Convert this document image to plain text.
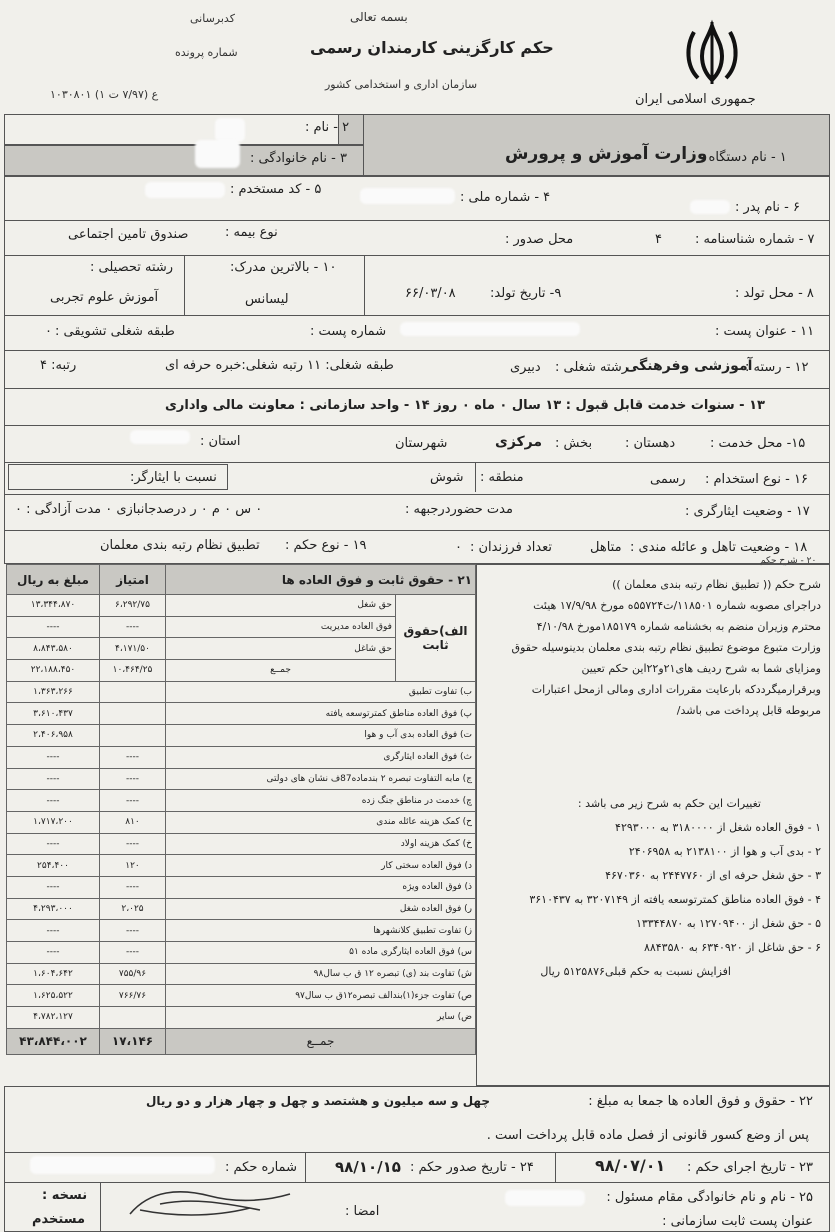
بسمه تعالی
حکم کارگزینی کارمندان رسمی
سازمان اداری و استخدامی کشور
جمهوری اسلامی ایران
کدبرسانی
شماره پرونده
ع (۷/۹۷ ت ۱) ۱۰۳۰۸۰۱
۱ - نام دستگاه :
وزارت آموزش و پرورش
۲ - نام :
۳ - نام خانوادگی :
۴ - شماره ملی :
۵ - کد مستخدم :
۶ - نام پدر :
۷ - شماره شناسنامه :
۴
محل صدور :
نوع بیمه :
صندوق تامین اجتماعی
۸ - محل تولد :
۹- تاریخ تولد:
۶۶/۰۳/۰۸
۱۰ - بالاترین مدرک:
لیسانس
رشته تحصیلی :
آموزش علوم تجربی
۱۱ - عنوان پست :
شماره پست :
طبقه شغلی تشویقی :
۰
۱۲ - رسته :
آموزشی وفرهنگی
رشته شغلی :
دبیری
طبقه شغلی: ۱۱ رتبه شغلی:خبره حرفه ای
رتبه: ۴
۱۳ - سنوات خدمت قابل قبول : ۱۳ سال ۰ ماه ۰ روز ۱۴ - واحد سازمانی : معاونت مالی واداری
۱۵- محل خدمت :
دهستان :
بخش :
مرکزی
شهرستان
استان :
۱۶ - نوع استخدام :
رسمی
منطقه :
شوش
نسبت با ایثارگر:
۱۷ - وضعیت ایثارگری :
مدت حضوردرجبهه :
۰ س ۰ م ۰ ر درصدجانبازی ۰ مدت آزادگی : ۰
۱۸ - وضعیت تاهل و عائله مندی :
متاهل
تعداد فرزندان :
۰
۱۹ - نوع حکم :
تطبیق نظام رتبه بندی معلمان
۲۰ - شرح حکم
مبلغ به ریال	امتیاز	۲۱ - حقوق ثابت و فوق العاده ها	
۱۳،۳۴۴،۸۷۰	۶،۲۹۲/۷۵	حق شغل	الف)حقوق ثابت
----	----	فوق العاده مدیریت	
۸،۸۴۳،۵۸۰	۴،۱۷۱/۵۰	حق شاغل	
۲۲،۱۸۸،۴۵۰	۱۰،۴۶۴/۲۵	جمــع	
۱،۳۶۳،۲۶۶		ب) تفاوت تطبیق	
۳،۶۱۰،۴۳۷		پ) فوق العاده مناطق کمترتوسعه یافته	
۲،۴۰۶،۹۵۸		ت) فوق العاده بدی آب و هوا	
----	----	ث) فوق العاده ایثارگری	
----	----	ج) مابه التفاوت تبصره ۲ بندماده87ف نشان های دولتی	
----	----	چ) خدمت در مناطق جنگ زده	
۱،۷۱۷،۲۰۰	۸۱۰	ح) کمک هزینه عائله مندی	
----	----	خ) کمک هزینه اولاد	
۲۵۴،۴۰۰	۱۲۰	د) فوق العاده سختی کار	
----	----	ذ) فوق العاده ویژه	
۴،۲۹۳،۰۰۰	۲،۰۲۵	ر) فوق العاده شغل	
----	----	ز) تفاوت تطبیق کلانشهرها	
----	----	س) فوق العاده ایثارگری ماده ۵۱	
۱،۶۰۴،۶۴۲	۷۵۵/۹۶	ش) تفاوت بند (ی) تبصره ۱۲ ق ب سال۹۸	
۱،۶۲۵،۵۲۲	۷۶۶/۷۶	ص) تفاوت جزء(۱)بندالف تبصره۱۲ق ب سال۹۷	
۴،۷۸۲،۱۲۷		ض) سایر	
۴۳،۸۴۴،۰۰۲	۱۷،۱۴۶	جمــع	
شرح حکم (( تطبیق نظام رتبه بندی معلمان ))
دراجرای مصوبه شماره ۱۱۸۵۰۱/ت۵۵۷۲۴ه مورخ ۱۷/۹/۹۸ هیئت
محترم وزیران منضم به بخشنامه شماره ۱۸۵۱۷۹مورخ ۴/۱۰/۹۸
وزارت متبوع موضوع تطبیق نظام رتبه بندی معلمان بدینوسیله حقوق
ومزایای شما به شرح ردیف های۲۱و۲۲این حکم تعیین
وبرقرارمیگرددکه بارعایت مقررات اداری ومالی ازمحل اعتبارات
مربوطه قابل پرداخت می باشد/
تغییرات این حکم به شرح زیر می باشد :
۱ - فوق العاده شغل از ۳۱۸۰۰۰۰ به ۴۲۹۳۰۰۰
۲ - بدی آب و هوا از ۲۱۳۸۱۰۰ به ۲۴۰۶۹۵۸
۳ - حق شغل حرفه ای از ۲۴۴۷۷۶۰ به ۴۶۷۰۳۶۰
۴ - فوق العاده مناطق کمترتوسعه یافته از ۳۲۰۷۱۴۹ به ۳۶۱۰۴۳۷
۵ - حق شغل از ۱۲۷۰۹۴۰۰ به ۱۳۳۴۴۸۷۰
۶ - حق شاغل از ۶۳۴۰۹۲۰ به ۸۸۴۳۵۸۰
افزایش نسبت به حکم قبلی۵۱۲۵۸۷۶ ریال
۲۲ - حقوق و فوق العاده ها جمعا به مبلغ :
چهل و سه میلیون و هشتصد و چهل و چهار هزار و دو ریال
پس از وضع کسور قانونی از فصل ماده قابل پرداخت است .
۲۳ - تاریخ اجرای حکم :
۹۸/۰۷/۰۱
۲۴ - تاریخ صدور حکم :
۹۸/۱۰/۱۵
شماره حکم :
۲۵ - نام و نام خانوادگی مقام مسئول :
عنوان پست ثابت سازمانی :
امضا :
نسخه :
مستخدم
